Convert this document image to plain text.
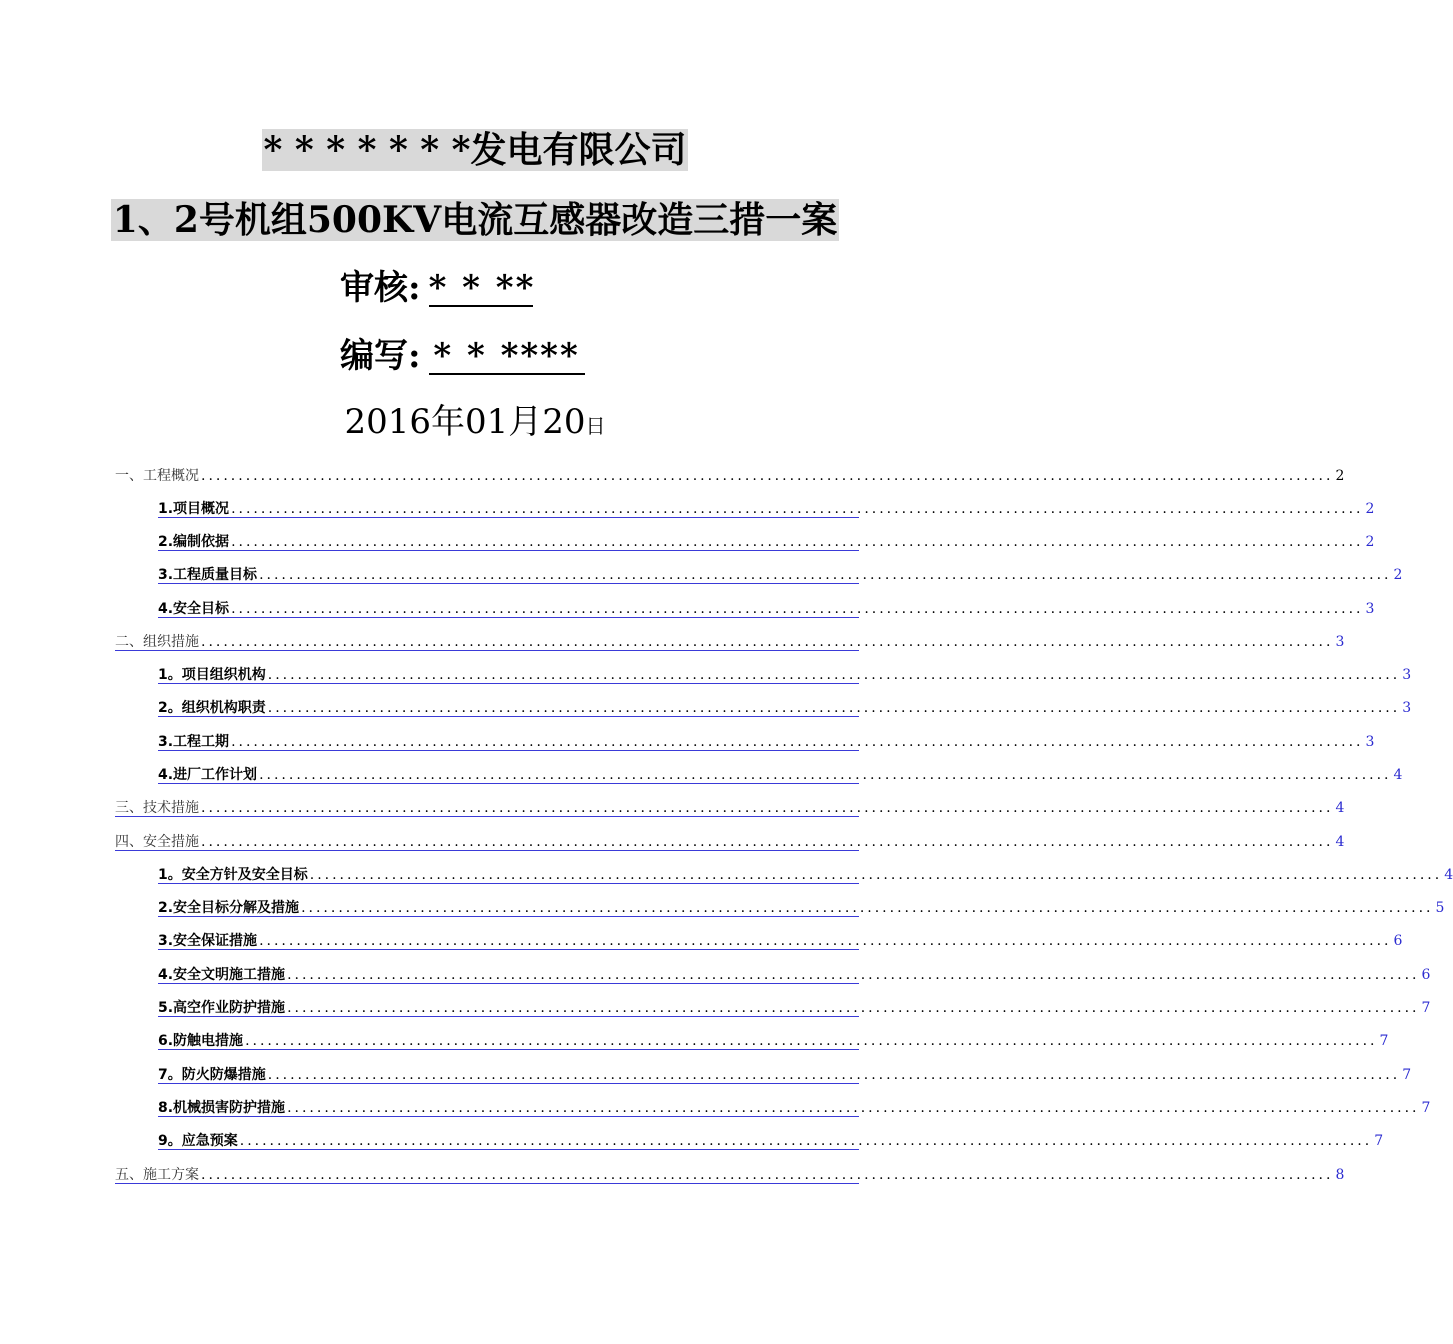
* * * * * * *发电有限公司
1、2号机组500KV电流互感器改造三措一案
审核: * * **
编写: * * ****
2016年01月20日
一、工程概况 ........................................................................................................................................................ 2
1.项目概况 ........................................................................................................................................................ 2
2.编制依据 ........................................................................................................................................................ 2
3.工程质量目标 ........................................................................................................................................................ 2
4.安全目标 ........................................................................................................................................................ 3
二、组织措施 ........................................................................................................................................................ 3
1。项目组织机构 ........................................................................................................................................................ 3
2。组织机构职责 ........................................................................................................................................................ 3
3.工程工期 ........................................................................................................................................................ 3
4.进厂工作计划 ........................................................................................................................................................ 4
三、技术措施 ........................................................................................................................................................ 4
四、安全措施 ........................................................................................................................................................ 4
1。安全方针及安全目标 ........................................................................................................................................................ 4
2.安全目标分解及措施 ........................................................................................................................................................ 5
3.安全保证措施 ........................................................................................................................................................ 6
4.安全文明施工措施 ........................................................................................................................................................ 6
5.高空作业防护措施 ........................................................................................................................................................ 7
6.防触电措施 ........................................................................................................................................................ 7
7。防火防爆措施 ........................................................................................................................................................ 7
8.机械损害防护措施 ........................................................................................................................................................ 7
9。应急预案 ........................................................................................................................................................ 7
五、施工方案 ........................................................................................................................................................ 8
